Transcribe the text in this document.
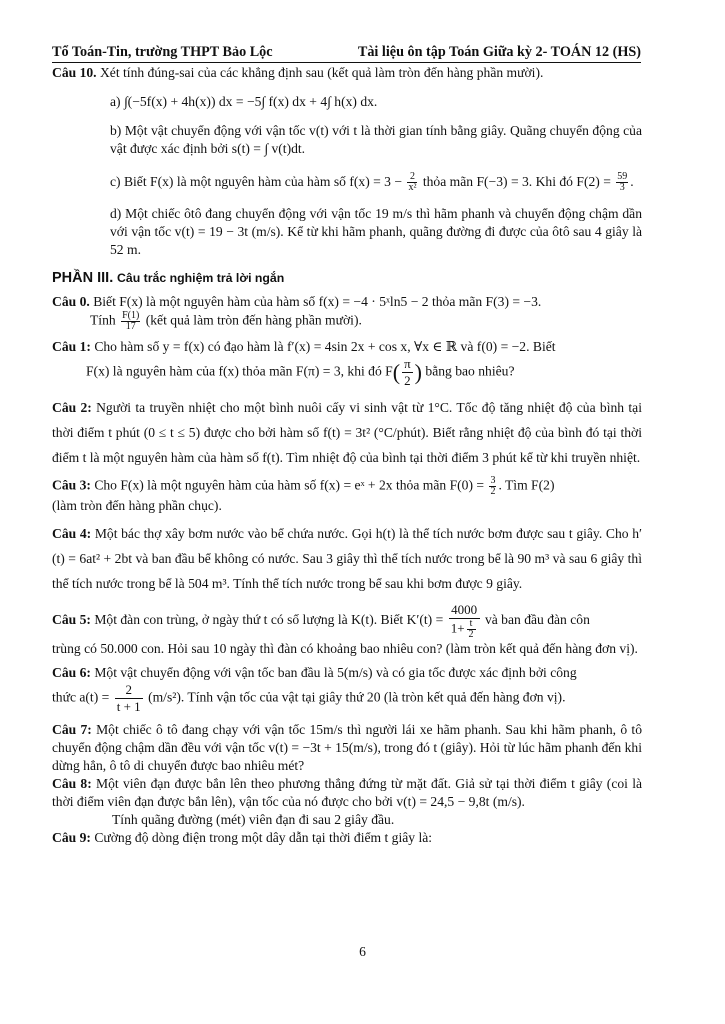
Tổ Toán-Tin, trường THPT Bảo Lộc	Tài liệu ôn tập Toán Giữa kỳ 2- TOÁN 12 (HS)

Câu 10. Xét tính đúng-sai của các khẳng định sau (kết quả làm tròn đến hàng phần mười).

a) ∫(−5f(x) + 4h(x)) dx = −5∫ f(x) dx + 4∫ h(x) dx.

b) Một vật chuyển động với vận tốc v(t) với t là thời gian tính bằng giây. Quãng chuyển động của vật được xác định bởi s(t) = ∫ v(t)dt.

c) Biết F(x) là một nguyên hàm của hàm số $f(x) = 3 - \frac{2}{\text{x²}}$ thỏa mãn F(−3) = 3. Khi đó $F(2) = \frac{59}{3}$ .

d) Một chiếc ôtô đang chuyển động với vận tốc 19 m/s thì hãm phanh và chuyển động chậm dần với vận tốc v(t) = 19 − 3t (m/s). Kể từ khi hãm phanh, quãng đường đi được của ôtô sau 4 giây là 52 m.

PHẦN III. Câu trắc nghiệm trả lời ngắn

Câu 0. Biết F(x) là một nguyên hàm của hàm số f(x) = −4 · 5ˣln5 − 2 thỏa mãn F(3) = −3.

Tính $\frac{F(1)}{17}$ (kết quả làm tròn đến hàng phần mười).

Câu 1: Cho hàm số y = f(x) có đạo hàm là f′(x) = 4sin 2x + cos x, ∀x ∈ ℝ và f(0) = −2. Biết

F(x) là nguyên hàm của f(x) thỏa mãn F(π) = 3, khi đó $F( \frac{\pi}{2}$ ) bằng bao nhiêu?

Câu 2: Người ta truyền nhiệt cho một bình nuôi cấy vi sinh vật từ 1°C. Tốc độ tăng nhiệt độ của bình tại thời điểm t phút (0 ≤ t ≤ 5) được cho bởi hàm số f(t) = 3t² (°C/phút). Biết rằng nhiệt độ của bình đó tại thời điểm t là một nguyên hàm của hàm số f(t). Tìm nhiệt độ của bình tại thời điểm 3 phút kể từ khi truyền nhiệt.

Câu 3: Cho F(x) là một nguyên hàm của hàm số f(x) = eˣ + 2x thỏa mãn $F(0) = \frac{3}{2}$ . Tìm F(2)

(làm tròn đến hàng phần chục).

Câu 4: Một bác thợ xây bơm nước vào bể chứa nước. Gọi h(t) là thể tích nước bơm được sau t giây. Cho h′(t) = 6at² + 2bt và ban đầu bể không có nước. Sau 3 giây thì thể tích nước trong bể là 90 m³ và sau 6 giây thì thể tích nước trong bể là 504 m³. Tính thể tích nước trong bể sau khi bơm được 9 giây.

Câu 5: Một đàn con trùng, ở ngày thứ t có số lượng là K(t). Biết $K'(t) = \frac{4000}{1+ \frac{t}{2}}$ và ban đầu đàn côn

trùng có 50.000 con. Hỏi sau 10 ngày thì đàn có khoảng bao nhiêu con? (làm tròn kết quả đến hàng đơn vị).

Câu 6: Một vật chuyển động với vận tốc ban đầu là 5(m/s) và có gia tốc được xác định bởi công

thức $a(t) = \frac{2}{t + 1} (m/s^2)$. Tính vận tốc của vật tại giây thứ 20 (là tròn kết quả đến hàng đơn vị).

Câu 7: Một chiếc ô tô đang chạy với vận tốc 15m/s thì người lái xe hãm phanh. Sau khi hãm phanh, ô tô chuyển động chậm dần đều với vận tốc v(t) = −3t + 15(m/s), trong đó t (giây). Hỏi từ lúc hãm phanh đến khi dừng hẳn, ô tô di chuyển được bao nhiêu mét?

Câu 8: Một viên đạn được bắn lên theo phương thẳng đứng từ mặt đất. Giả sử tại thời điểm t giây (coi là thời điểm viên đạn được bắn lên), vận tốc của nó được cho bởi v(t) = 24,5 − 9,8t (m/s).

Tính quãng đường (mét) viên đạn đi sau 2 giây đầu.

Câu 9: Cường độ dòng điện trong một dây dẫn tại thời điểm t giây là:

6
